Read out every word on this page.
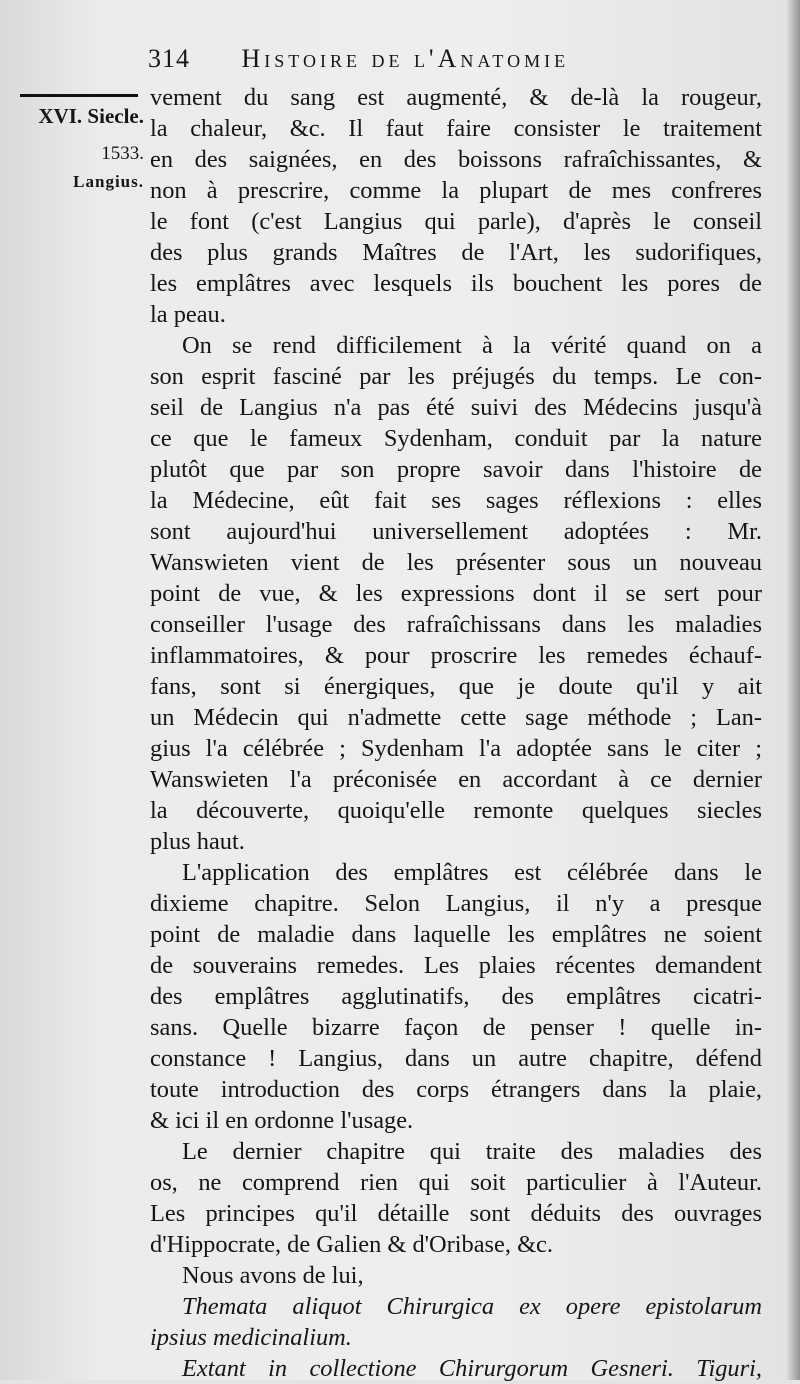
314 Histoire de l'Anatomie
XVI. Siecle.
1533.
Langius.
vement du sang est augmenté, & de-là la rougeur,
la chaleur, &c. Il faut faire consister le traitement
en des saignées, en des boissons rafraîchissantes, &
non à prescrire, comme la plupart de mes confreres
le font (c'est Langius qui parle), d'après le conseil
des plus grands Maîtres de l'Art, les sudorifiques,
les emplâtres avec lesquels ils bouchent les pores de
la peau.
On se rend difficilement à la vérité quand on a
son esprit fasciné par les préjugés du temps. Le con-
seil de Langius n'a pas été suivi des Médecins jusqu'à
ce que le fameux Sydenham, conduit par la nature
plutôt que par son propre savoir dans l'histoire de
la Médecine, eût fait ses sages réflexions : elles
sont aujourd'hui universellement adoptées : Mr.
Wanswieten vient de les présenter sous un nouveau
point de vue, & les expressions dont il se sert pour
conseiller l'usage des rafraîchissans dans les maladies
inflammatoires, & pour proscrire les remedes échauf-
fans, sont si énergiques, que je doute qu'il y ait
un Médecin qui n'admette cette sage méthode ; Lan-
gius l'a célébrée ; Sydenham l'a adoptée sans le citer ;
Wanswieten l'a préconisée en accordant à ce dernier
la découverte, quoiqu'elle remonte quelques siecles
plus haut.
L'application des emplâtres est célébrée dans le
dixieme chapitre. Selon Langius, il n'y a presque
point de maladie dans laquelle les emplâtres ne soient
de souverains remedes. Les plaies récentes demandent
des emplâtres agglutinatifs, des emplâtres cicatri-
sans. Quelle bizarre façon de penser ! quelle in-
constance ! Langius, dans un autre chapitre, défend
toute introduction des corps étrangers dans la plaie,
& ici il en ordonne l'usage.
Le dernier chapitre qui traite des maladies des
os, ne comprend rien qui soit particulier à l'Auteur.
Les principes qu'il détaille sont déduits des ouvrages
d'Hippocrate, de Galien & d'Oribase, &c.
Nous avons de lui,
Themata aliquot Chirurgica ex opere epistolarum
ipsius medicinalium.
Extant in collectione Chirurgorum Gesneri. Tiguri,
